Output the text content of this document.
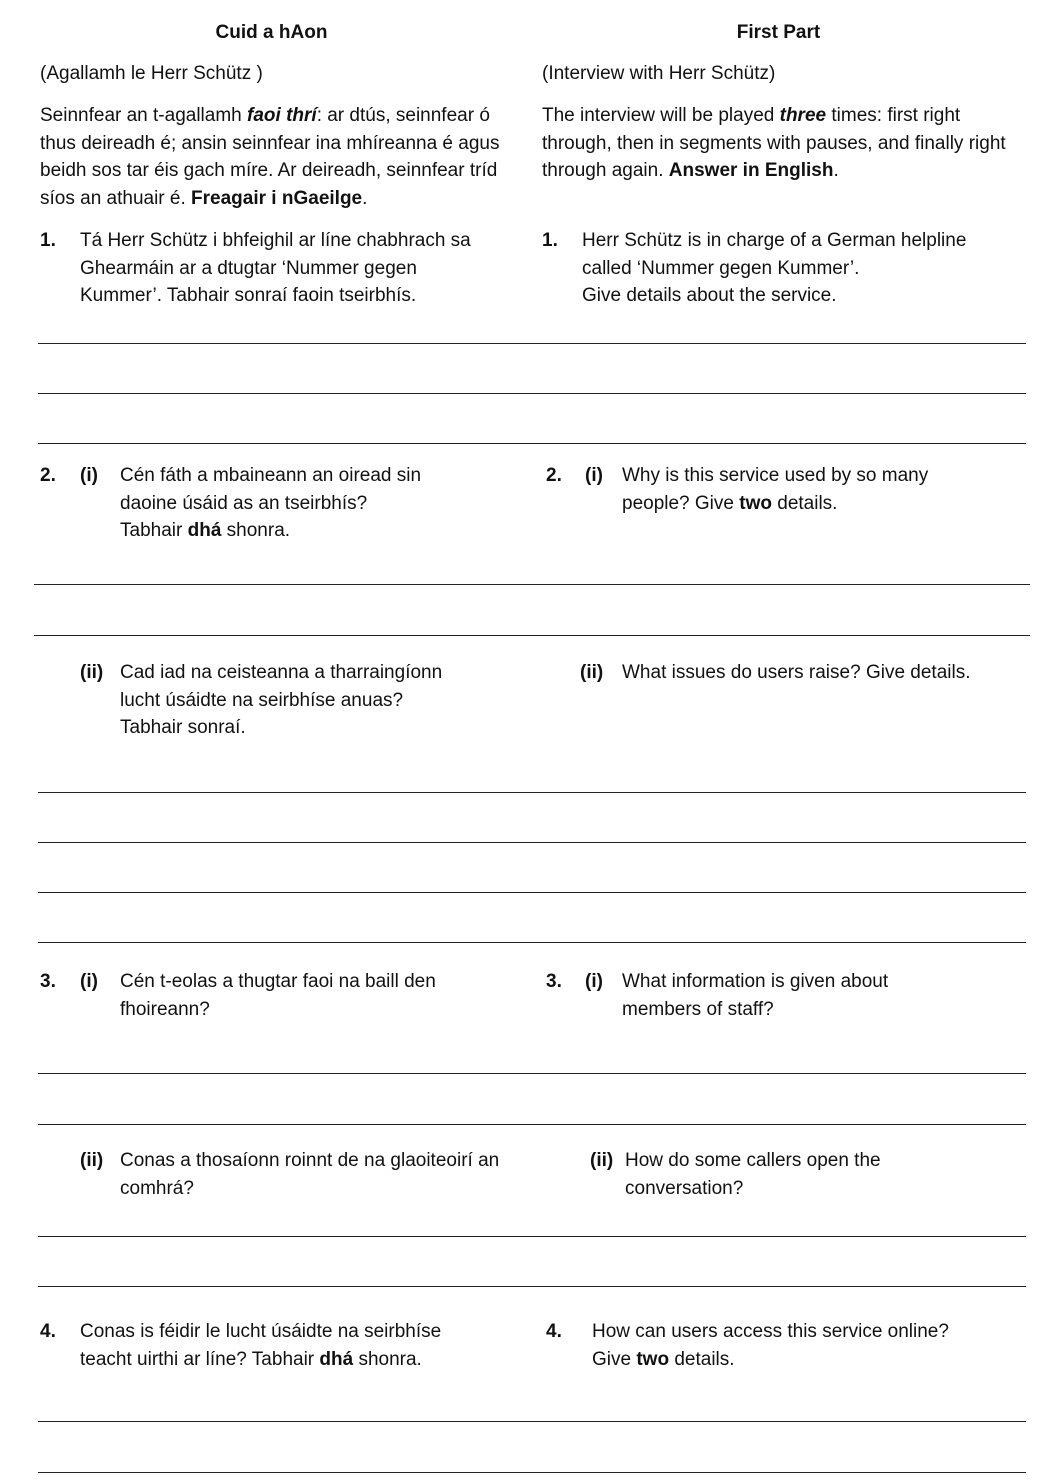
Cuid a hAon	First Part
(Agallamh le Herr Schütz )	(Interview with Herr Schütz)
Seinnfear an t-agallamh faoi thrí: ar dtús, seinnfear ó thus deireadh é; ansin seinnfear ina mhíreanna é agus beidh sos tar éis gach míre. Ar deireadh, seinnfear tríd síos an athuair é. Freagair i nGaeilge.
The interview will be played three times: first right through, then in segments with pauses, and finally right through again. Answer in English.
1. Tá Herr Schütz i bhfeighil ar líne chabhrach sa Ghearmáin ar a dtugtar ‘Nummer gegen Kummer’. Tabhair sonraí faoin tseirbhís.
1. Herr Schütz is in charge of a German helpline called ‘Nummer gegen Kummer’.
Give details about the service.
2. (i) Cén fáth a mbaineann an oiread sin daoine úsáid as an tseirbhís?
Tabhair dhá shonra.
2. (i) Why is this service used by so many people? Give two details.
(ii) Cad iad na ceisteanna a tharraingíonn lucht úsáidte na seirbhíse anuas?
Tabhair sonraí.
(ii) What issues do users raise? Give details.
3. (i) Cén t-eolas a thugtar faoi na baill den fhoireann?
3. (i) What information is given about members of staff?
(ii) Conas a thosaíonn roinnt de na glaoiteoirí an comhrá?
(ii) How do some callers open the conversation?
4. Conas is féidir le lucht úsáidte na seirbhíse teacht uirthi ar líne? Tabhair dhá shonra.
4. How can users access this service online?
Give two details.
